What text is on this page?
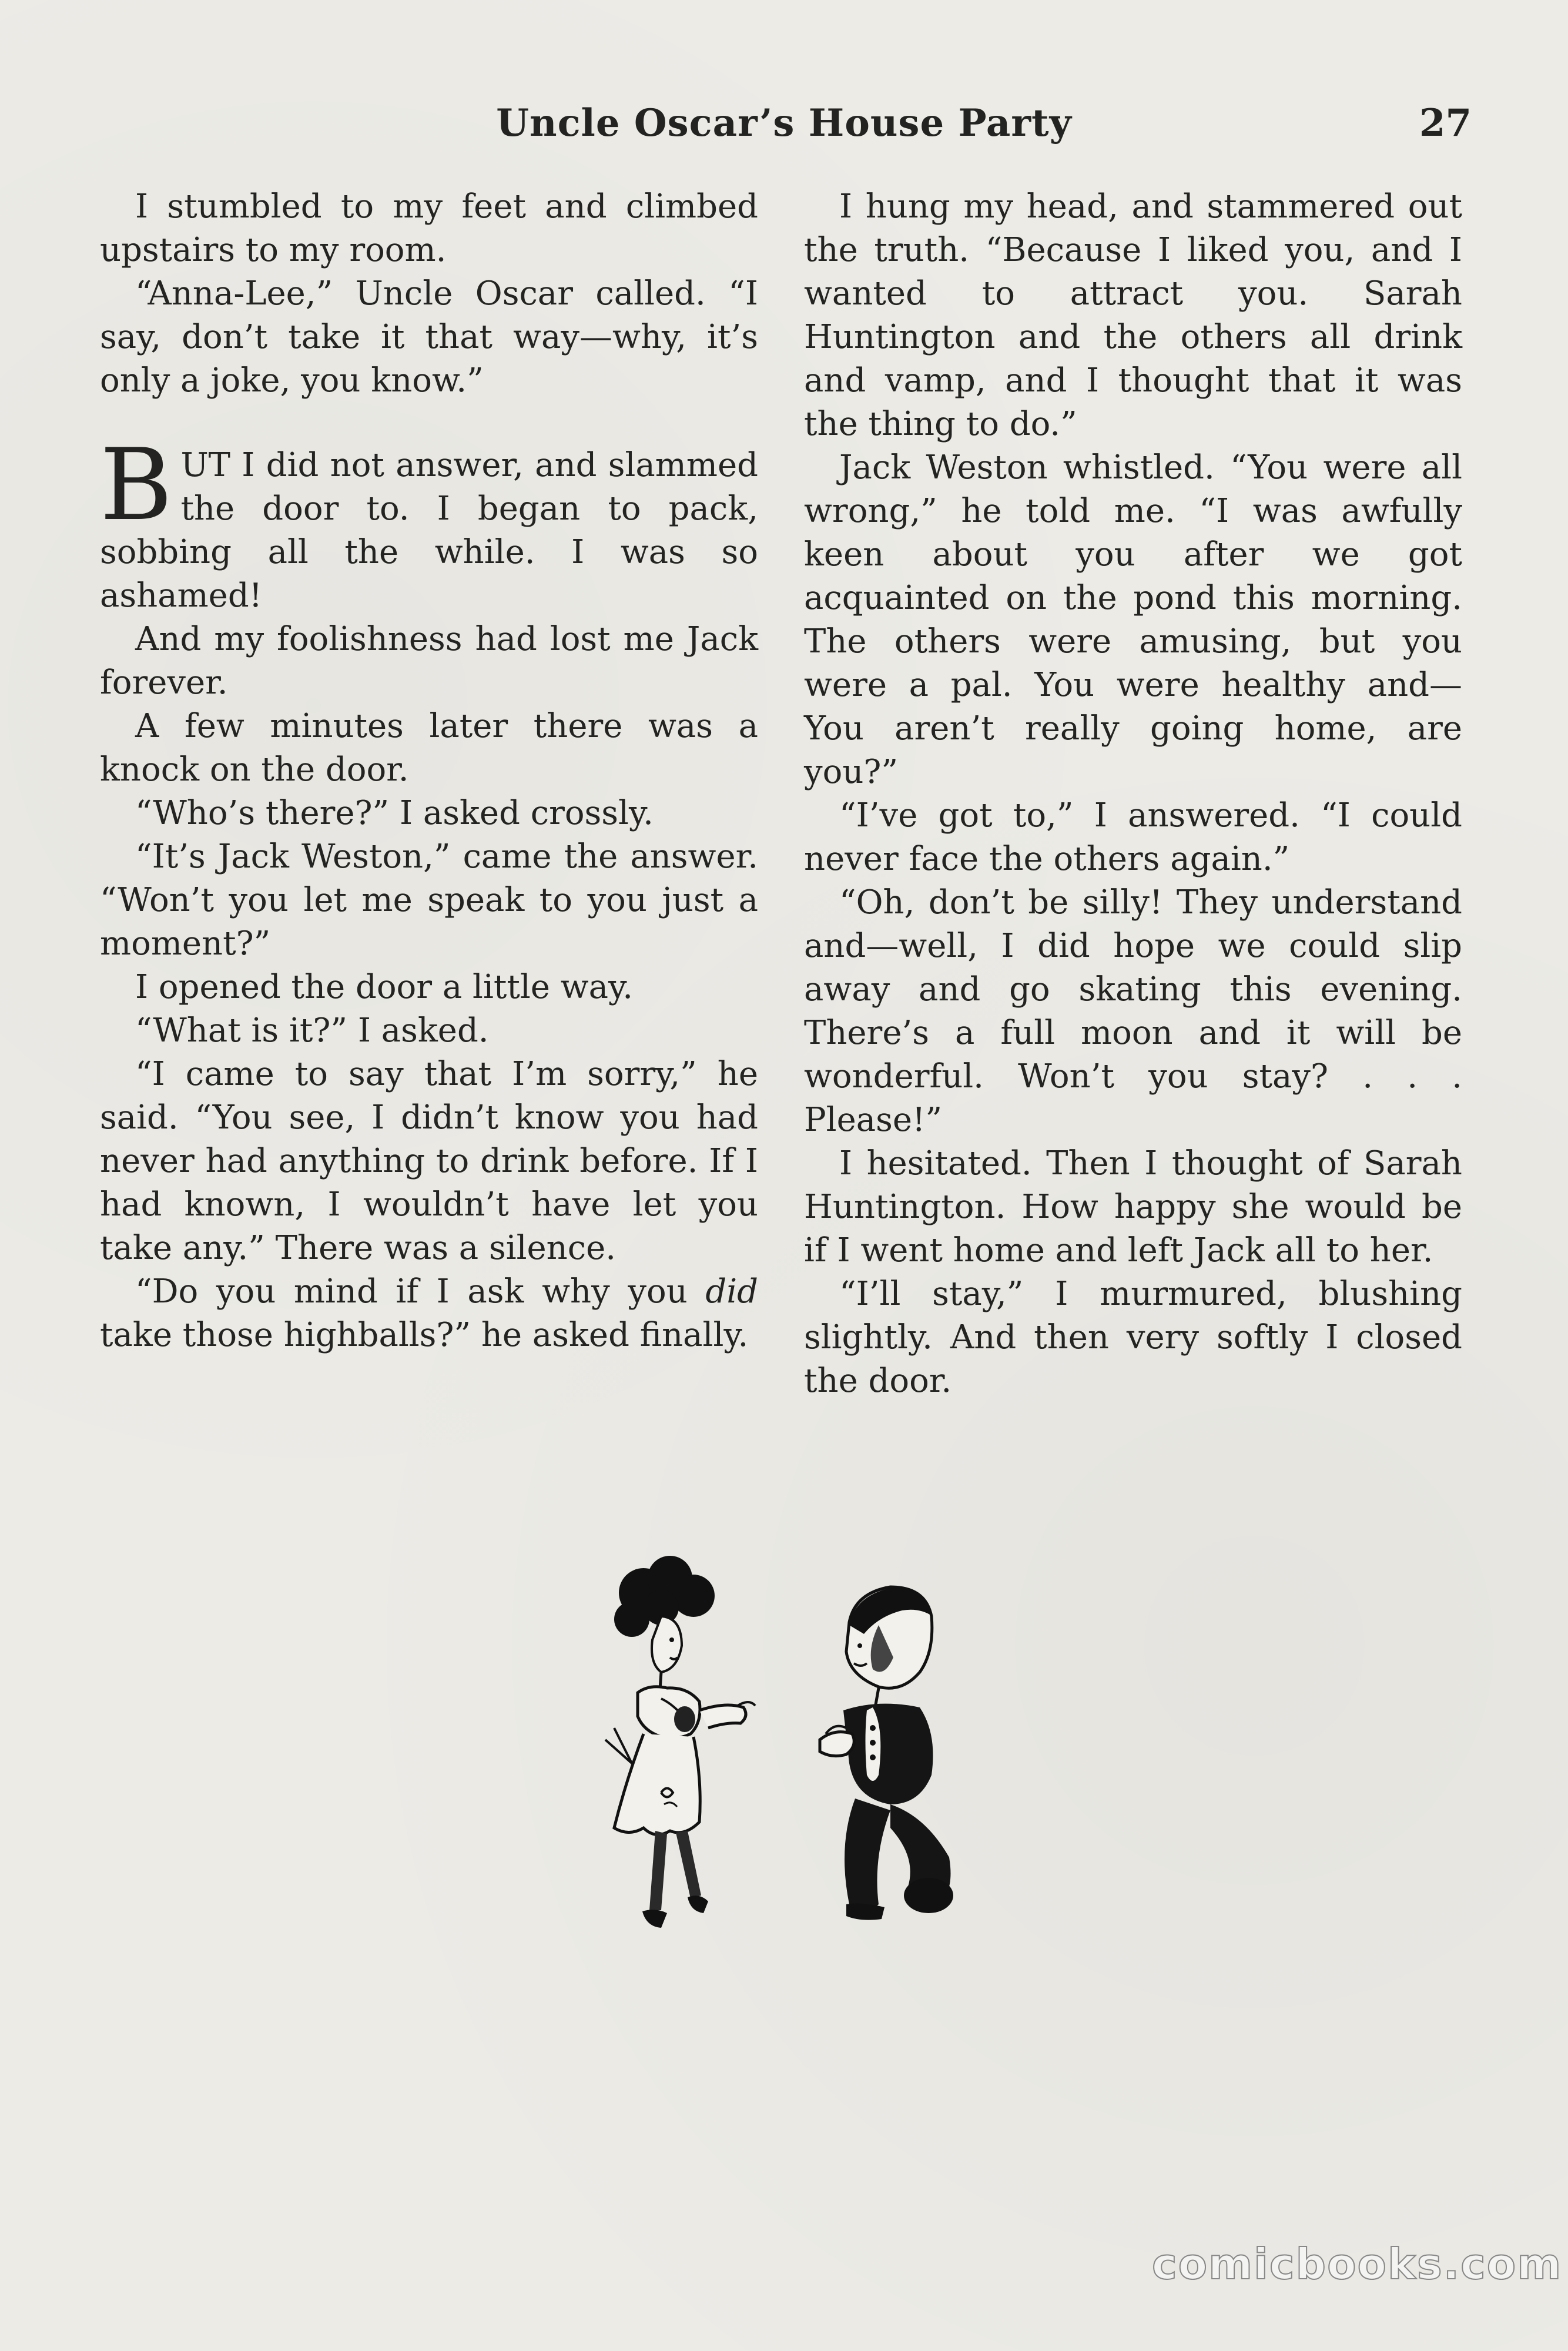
Uncle Oscar’s House Party	27

I stumbled to my feet and climbed upstairs to my room.

“Anna-Lee,” Uncle Oscar called. “I say, don’t take it that way—why, it’s only a joke, you know.”

BUT I did not answer, and slammed the door to. I began to pack, sobbing all the while. I was so ashamed!

And my foolishness had lost me Jack forever.

A few minutes later there was a knock on the door.

“Who’s there?” I asked crossly.

“It’s Jack Weston,” came the answer. “Won’t you let me speak to you just a moment?”

I opened the door a little way.

“What is it?” I asked.

“I came to say that I’m sorry,” he said. “You see, I didn’t know you had never had anything to drink before. If I had known, I wouldn’t have let you take any.” There was a silence.

“Do you mind if I ask why you did take those highballs?” he asked finally.

I hung my head, and stammered out the truth. “Because I liked you, and I wanted to attract you. Sarah Huntington and the others all drink and vamp, and I thought that it was the thing to do.”

Jack Weston whistled. “You were all wrong,” he told me. “I was awfully keen about you after we got acquainted on the pond this morning. The others were amusing, but you were a pal. You were healthy and— You aren’t really going home, are you?”

“I’ve got to,” I answered. “I could never face the others again.”

“Oh, don’t be silly! They understand and—well, I did hope we could slip away and go skating this evening. There’s a full moon and it will be wonderful. Won’t you stay? . . . Please!”

I hesitated. Then I thought of Sarah Huntington. How happy she would be if I went home and left Jack all to her.

“I’ll stay,” I murmured, blushing slightly. And then very softly I closed the door.

comicbooks.com
